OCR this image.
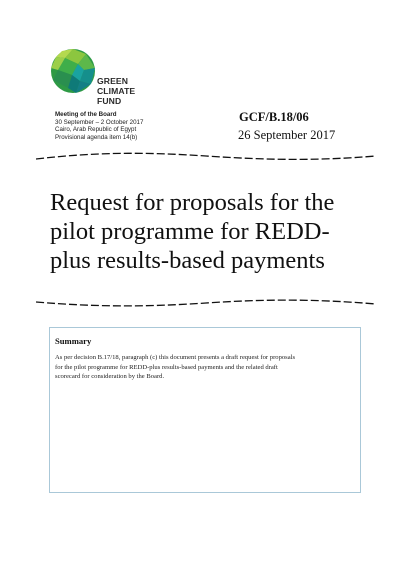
GREEN
CLIMATE
FUND
Meeting of the Board
30 September – 2 October 2017
Cairo, Arab Republic of Egypt
Provisional agenda item 14(b)
GCF/B.18/06
26 September 2017
Request for proposals for the
pilot programme for REDD-
plus results-based payments
Summary
As per decision B.17/18, paragraph (c) this document presents a draft request for proposals
for the pilot programme for REDD-plus results-based payments and the related draft
scorecard for consideration by the Board.
